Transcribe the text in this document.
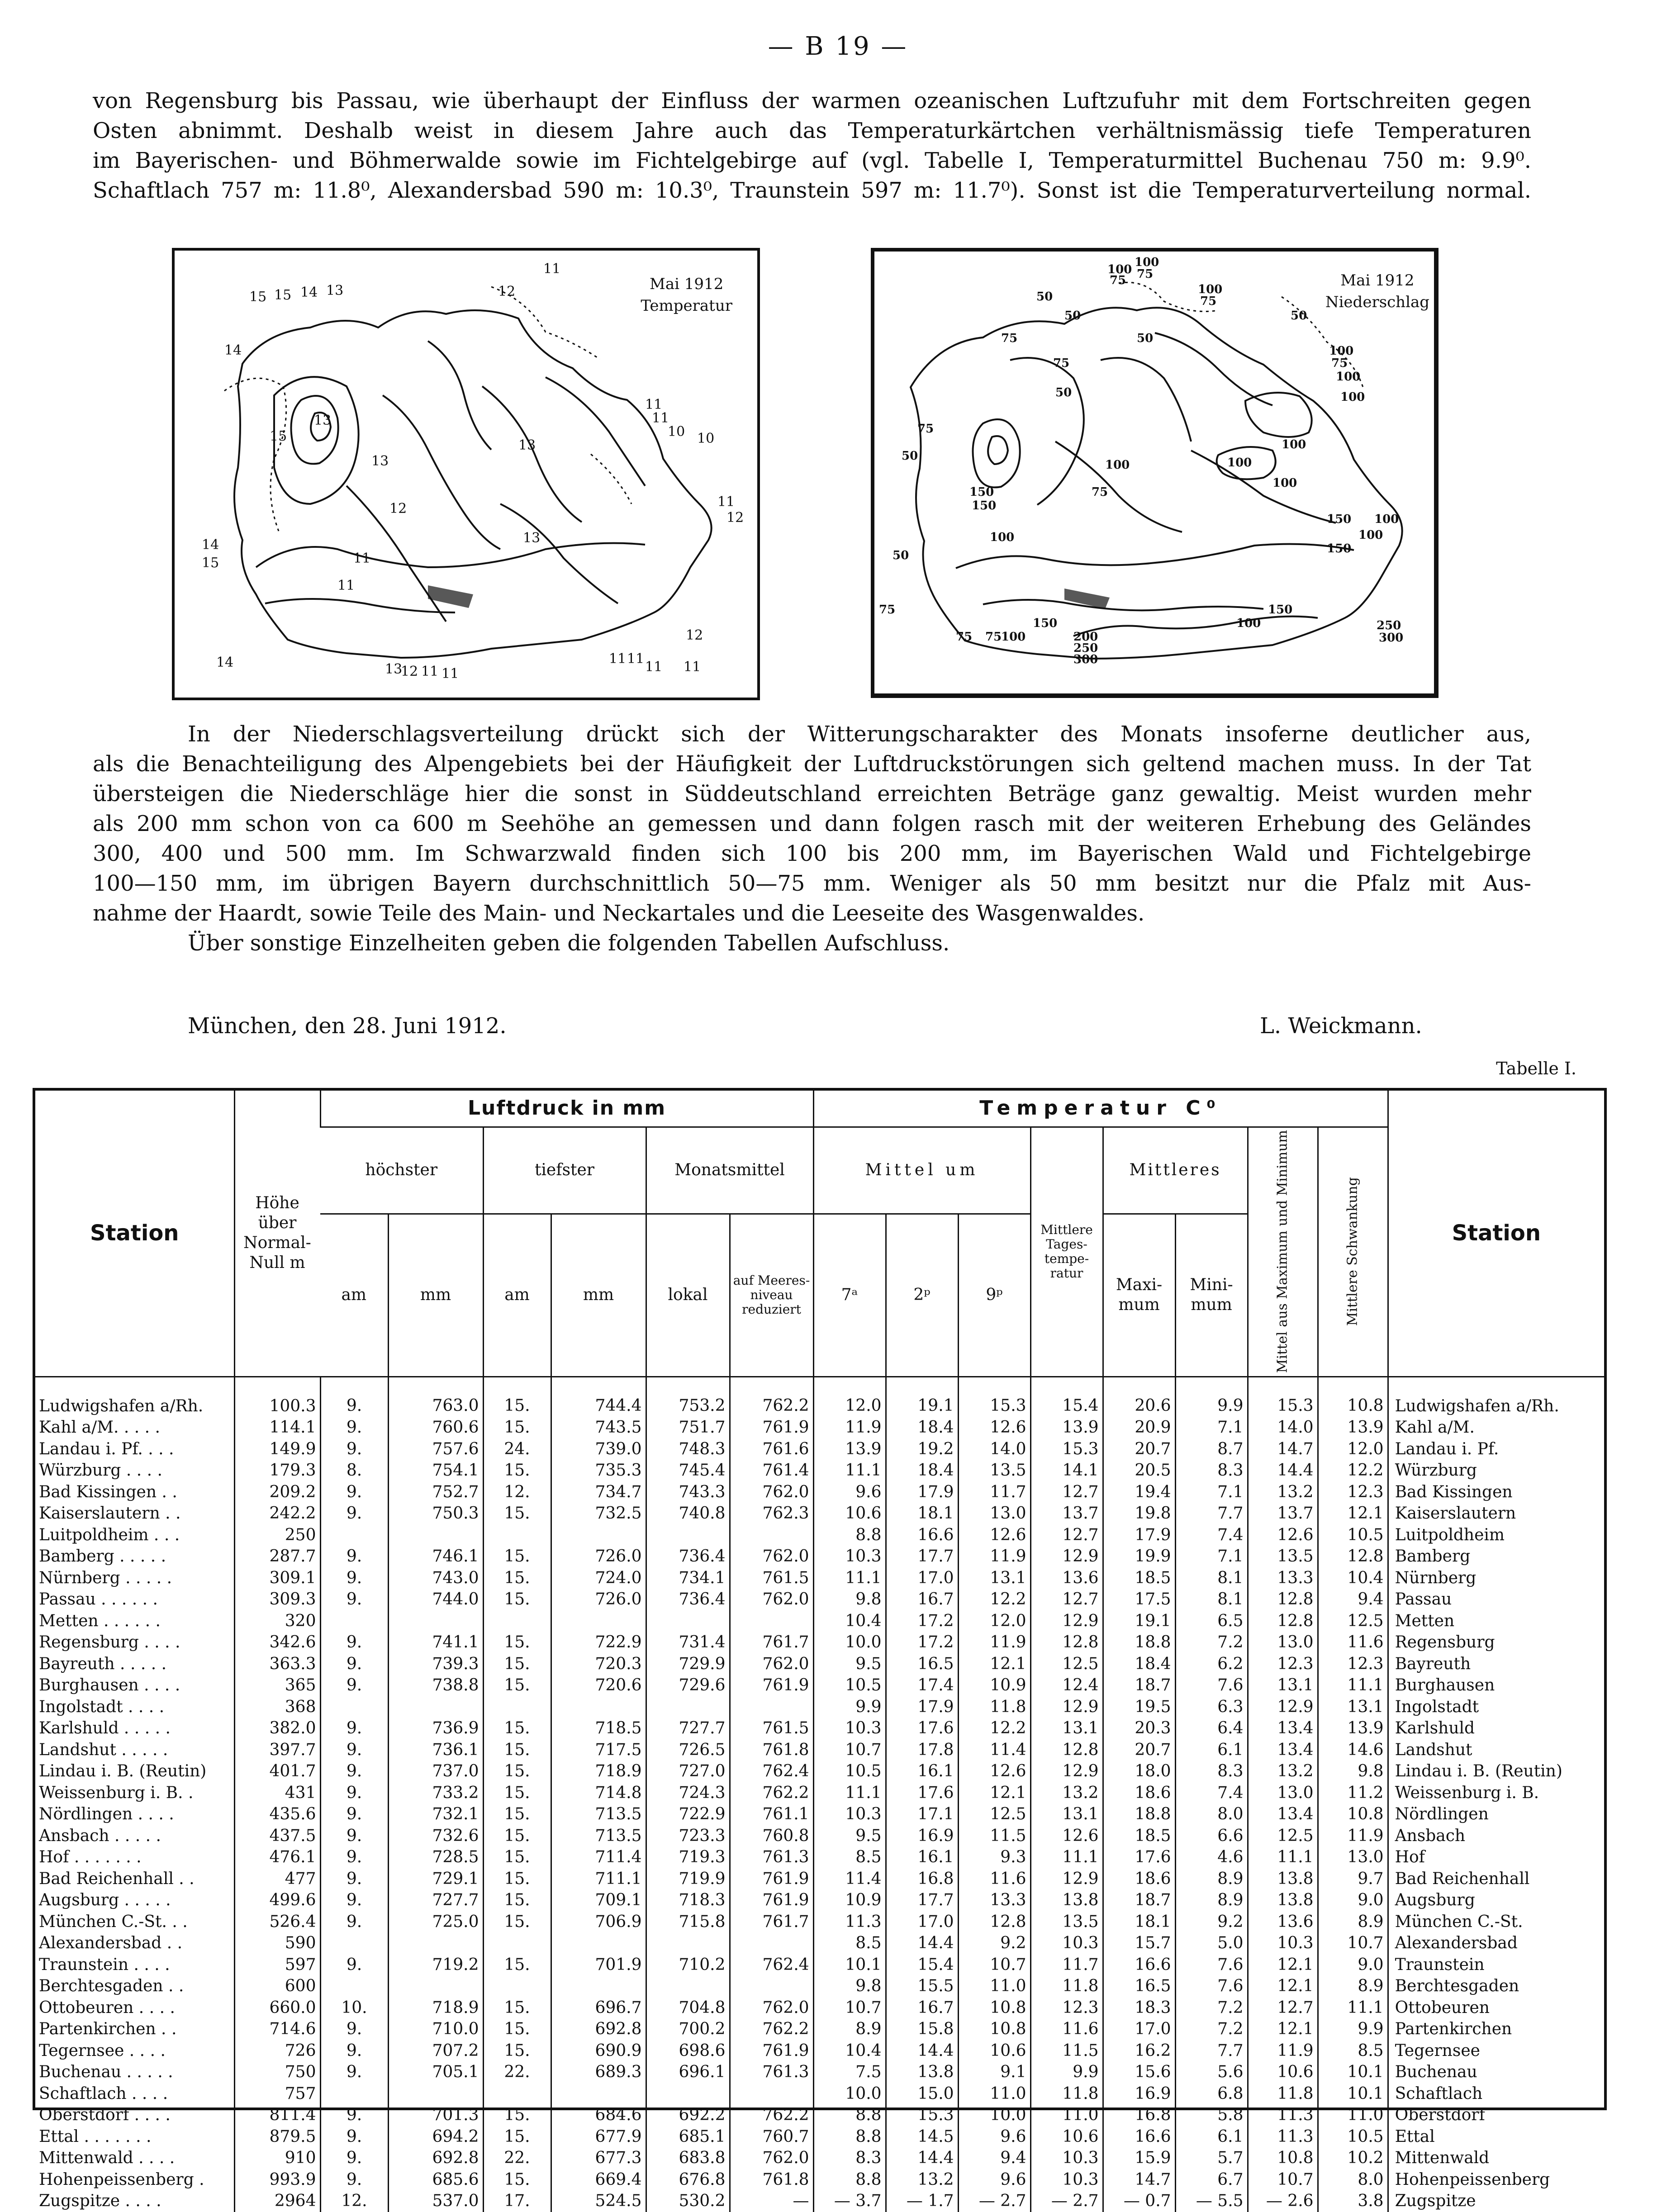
— B 19 —
von Regensburg bis Passau, wie überhaupt der Einfluss der warmen ozeanischen Luftzufuhr mit dem Fortschreiten gegen
Osten abnimmt. Deshalb weist in diesem Jahre auch das Temperaturkärtchen verhältnismässig tiefe Temperaturen
im Bayerischen- und Böhmerwalde sowie im Fichtelgebirge auf (vgl. Tabelle I, Temperaturmittel Buchenau 750 m: 9.9⁰.
Schaftlach 757 m: 11.8⁰, Alexandersbad 590 m: 10.3⁰, Traunstein 597 m: 11.7⁰). Sonst ist die Temperaturverteilung normal.
15 15 14 13	12
11
14
15
13
13
11
11
10 10
13
12
11
13
11
12
14
15
11
14	13
12 11 11
11 11
12
11 11
Mai 1912
Temperatur
100
75
100
75
50
50
100
75
50
75
75
50
100
75
100
50	100
75
50
150
150
100	100
100
100
75
150 100
150
100
50
75
100
75 75
100
150
200
250
300
250
300
100
150
Mai 1912
Niederschlag
In der Niederschlagsverteilung drückt sich der Witterungscharakter des Monats insoferne deutlicher aus,
als die Benachteiligung des Alpengebiets bei der Häufigkeit der Luftdruckstörungen sich geltend machen muss. In der Tat
übersteigen die Niederschläge hier die sonst in Süddeutschland erreichten Beträge ganz gewaltig. Meist wurden mehr
als 200 mm schon von ca 600 m Seehöhe an gemessen und dann folgen rasch mit der weiteren Erhebung des Geländes
300, 400 und 500 mm. Im Schwarzwald finden sich 100 bis 200 mm, im Bayerischen Wald und Fichtelgebirge
100—150 mm, im übrigen Bayern durchschnittlich 50—75 mm. Weniger als 50 mm besitzt nur die Pfalz mit Aus-
nahme der Haardt, sowie Teile des Main- und Neckartales und die Leeseite des Wasgenwaldes.
Über sonstige Einzelheiten geben die folgenden Tabellen Aufschluss.
München, den 28. Juni 1912.	L. Weickmann.
Tabelle I.
Station	Höhe über Normal-Null m	Luftdruck in mm						Temperatur C⁰								Station
		höchster		tiefster		Monatsmittel		Mittel um			Mittlere Tages-tempe-ratur	Mittleres		Mittel aus Maximum und Minimum	Mittlere Schwankung	
		am	mm	am	mm	lokal	auf Meeres-niveau reduziert	7ᵃ	2ᵖ	9ᵖ		Maxi-mum	Mini-mum			

Ludwigshafen a/Rh.	100.3	9.	763.0	15.	744.4	753.2	762.2	12.0	19.1	15.3	15.4	20.6	9.9	15.3	10.8	Ludwigshafen a/Rh.
Kahl a/M. . . . .	114.1	9.	760.6	15.	743.5	751.7	761.9	11.9	18.4	12.6	13.9	20.9	7.1	14.0	13.9	Kahl a/M.
Landau i. Pf. . . .	149.9	9.	757.6	24.	739.0	748.3	761.6	13.9	19.2	14.0	15.3	20.7	8.7	14.7	12.0	Landau i. Pf.
Würzburg . . . .	179.3	8.	754.1	15.	735.3	745.4	761.4	11.1	18.4	13.5	14.1	20.5	8.3	14.4	12.2	Würzburg
Bad Kissingen . .	209.2	9.	752.7	12.	734.7	743.3	762.0	9.6	17.9	11.7	12.7	19.4	7.1	13.2	12.3	Bad Kissingen
Kaiserslautern . .	242.2	9.	750.3	15.	732.5	740.8	762.3	10.6	18.1	13.0	13.7	19.8	7.7	13.7	12.1	Kaiserslautern
Luitpoldheim . . .	250							8.8	16.6	12.6	12.7	17.9	7.4	12.6	10.5	Luitpoldheim
Bamberg . . . . .	287.7	9.	746.1	15.	726.0	736.4	762.0	10.3	17.7	11.9	12.9	19.9	7.1	13.5	12.8	Bamberg
Nürnberg . . . . .	309.1	9.	743.0	15.	724.0	734.1	761.5	11.1	17.0	13.1	13.6	18.5	8.1	13.3	10.4	Nürnberg
Passau . . . . . .	309.3	9.	744.0	15.	726.0	736.4	762.0	9.8	16.7	12.2	12.7	17.5	8.1	12.8	9.4	Passau
Metten . . . . . .	320							10.4	17.2	12.0	12.9	19.1	6.5	12.8	12.5	Metten
Regensburg . . . .	342.6	9.	741.1	15.	722.9	731.4	761.7	10.0	17.2	11.9	12.8	18.8	7.2	13.0	11.6	Regensburg
Bayreuth . . . . .	363.3	9.	739.3	15.	720.3	729.9	762.0	9.5	16.5	12.1	12.5	18.4	6.2	12.3	12.3	Bayreuth
Burghausen . . . .	365	9.	738.8	15.	720.6	729.6	761.9	10.5	17.4	10.9	12.4	18.7	7.6	13.1	11.1	Burghausen
Ingolstadt . . . .	368							9.9	17.9	11.8	12.9	19.5	6.3	12.9	13.1	Ingolstadt
Karlshuld . . . . .	382.0	9.	736.9	15.	718.5	727.7	761.5	10.3	17.6	12.2	13.1	20.3	6.4	13.4	13.9	Karlshuld
Landshut . . . . .	397.7	9.	736.1	15.	717.5	726.5	761.8	10.7	17.8	11.4	12.8	20.7	6.1	13.4	14.6	Landshut
Lindau i. B. (Reutin)	401.7	9.	737.0	15.	718.9	727.0	762.4	10.5	16.1	12.6	12.9	18.0	8.3	13.2	9.8	Lindau i. B. (Reutin)
Weissenburg i. B. .	431	9.	733.2	15.	714.8	724.3	762.2	11.1	17.6	12.1	13.2	18.6	7.4	13.0	11.2	Weissenburg i. B.
Nördlingen . . . .	435.6	9.	732.1	15.	713.5	722.9	761.1	10.3	17.1	12.5	13.1	18.8	8.0	13.4	10.8	Nördlingen
Ansbach . . . . .	437.5	9.	732.6	15.	713.5	723.3	760.8	9.5	16.9	11.5	12.6	18.5	6.6	12.5	11.9	Ansbach
Hof . . . . . . .	476.1	9.	728.5	15.	711.4	719.3	761.3	8.5	16.1	9.3	11.1	17.6	4.6	11.1	13.0	Hof
Bad Reichenhall . .	477	9.	729.1	15.	711.1	719.9	761.9	11.4	16.8	11.6	12.9	18.6	8.9	13.8	9.7	Bad Reichenhall
Augsburg . . . . .	499.6	9.	727.7	15.	709.1	718.3	761.9	10.9	17.7	13.3	13.8	18.7	8.9	13.8	9.0	Augsburg
München C.-St. . .	526.4	9.	725.0	15.	706.9	715.8	761.7	11.3	17.0	12.8	13.5	18.1	9.2	13.6	8.9	München C.-St.
Alexandersbad . .	590							8.5	14.4	9.2	10.3	15.7	5.0	10.3	10.7	Alexandersbad
Traunstein . . . .	597	9.	719.2	15.	701.9	710.2	762.4	10.1	15.4	10.7	11.7	16.6	7.6	12.1	9.0	Traunstein
Berchtesgaden . .	600							9.8	15.5	11.0	11.8	16.5	7.6	12.1	8.9	Berchtesgaden
Ottobeuren . . . .	660.0	10.	718.9	15.	696.7	704.8	762.0	10.7	16.7	10.8	12.3	18.3	7.2	12.7	11.1	Ottobeuren
Partenkirchen . .	714.6	9.	710.0	15.	692.8	700.2	762.2	8.9	15.8	10.8	11.6	17.0	7.2	12.1	9.9	Partenkirchen
Tegernsee . . . .	726	9.	707.2	15.	690.9	698.6	761.9	10.4	14.4	10.6	11.5	16.2	7.7	11.9	8.5	Tegernsee
Buchenau . . . . .	750	9.	705.1	22.	689.3	696.1	761.3	7.5	13.8	9.1	9.9	15.6	5.6	10.6	10.1	Buchenau
Schaftlach . . . .	757							10.0	15.0	11.0	11.8	16.9	6.8	11.8	10.1	Schaftlach
Oberstdorf . . . .	811.4	9.	701.3	15.	684.6	692.2	762.2	8.8	15.3	10.0	11.0	16.8	5.8	11.3	11.0	Oberstdorf
Ettal . . . . . . .	879.5	9.	694.2	15.	677.9	685.1	760.7	8.8	14.5	9.6	10.6	16.6	6.1	11.3	10.5	Ettal
Mittenwald . . . .	910	9.	692.8	22.	677.3	683.8	762.0	8.3	14.4	9.4	10.3	15.9	5.7	10.8	10.2	Mittenwald
Hohenpeissenberg .	993.9	9.	685.6	15.	669.4	676.8	761.8	8.8	13.2	9.6	10.3	14.7	6.7	10.7	8.0	Hohenpeissenberg
Zugspitze . . . .	2964	12.	537.0	17.	524.5	530.2	—	— 3.7	— 1.7	— 2.7	— 2.7	— 0.7	— 5.5	— 2.6	3.8	Zugspitze
